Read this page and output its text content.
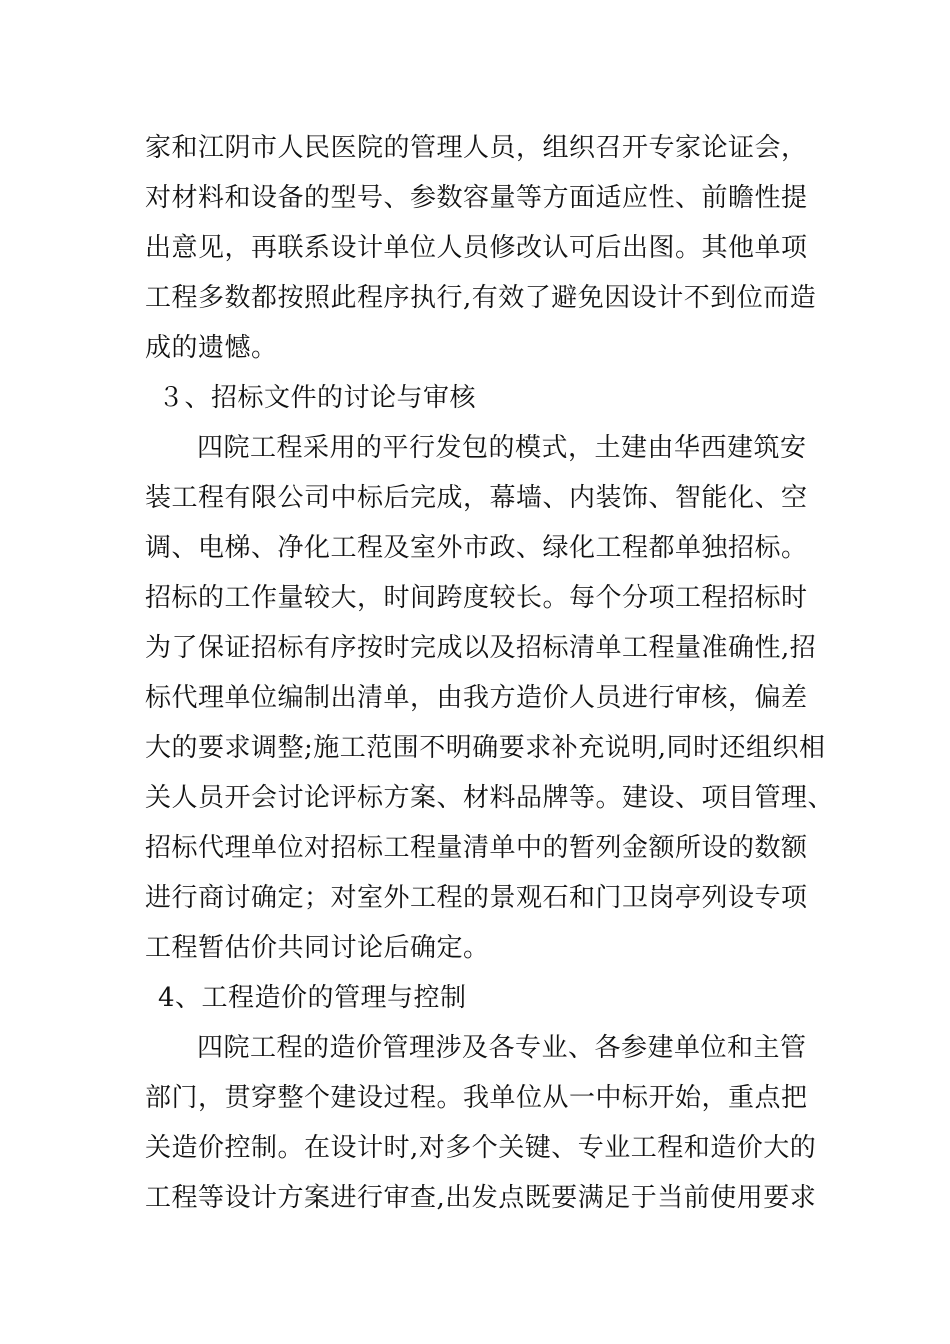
家和江阴市人民医院的管理人员，组织召开专家论证会，
对材料和设备的型号、参数容量等方面适应性、前瞻性提
出意见，再联系设计单位人员修改认可后出图。其他单项
工程多数都按照此程序执行,有效了避免因设计不到位而造
成的遗憾。
３、招标文件的讨论与审核
四院工程采用的平行发包的模式，土建由华西建筑安
装工程有限公司中标后完成，幕墙、内装饰、智能化、空
调、电梯、净化工程及室外市政、绿化工程都单独招标。
招标的工作量较大，时间跨度较长。每个分项工程招标时
为了保证招标有序按时完成以及招标清单工程量准确性,招
标代理单位编制出清单，由我方造价人员进行审核，偏差
大的要求调整;施工范围不明确要求补充说明,同时还组织相
关人员开会讨论评标方案、材料品牌等。建设、项目管理、
招标代理单位对招标工程量清单中的暂列金额所设的数额
进行商讨确定；对室外工程的景观石和门卫岗亭列设专项
工程暂估价共同讨论后确定。
4、工程造价的管理与控制
四院工程的造价管理涉及各专业、各参建单位和主管
部门，贯穿整个建设过程。我单位从一中标开始，重点把
关造价控制。在设计时,对多个关键、专业工程和造价大的
工程等设计方案进行审查,出发点既要满足于当前使用要求
